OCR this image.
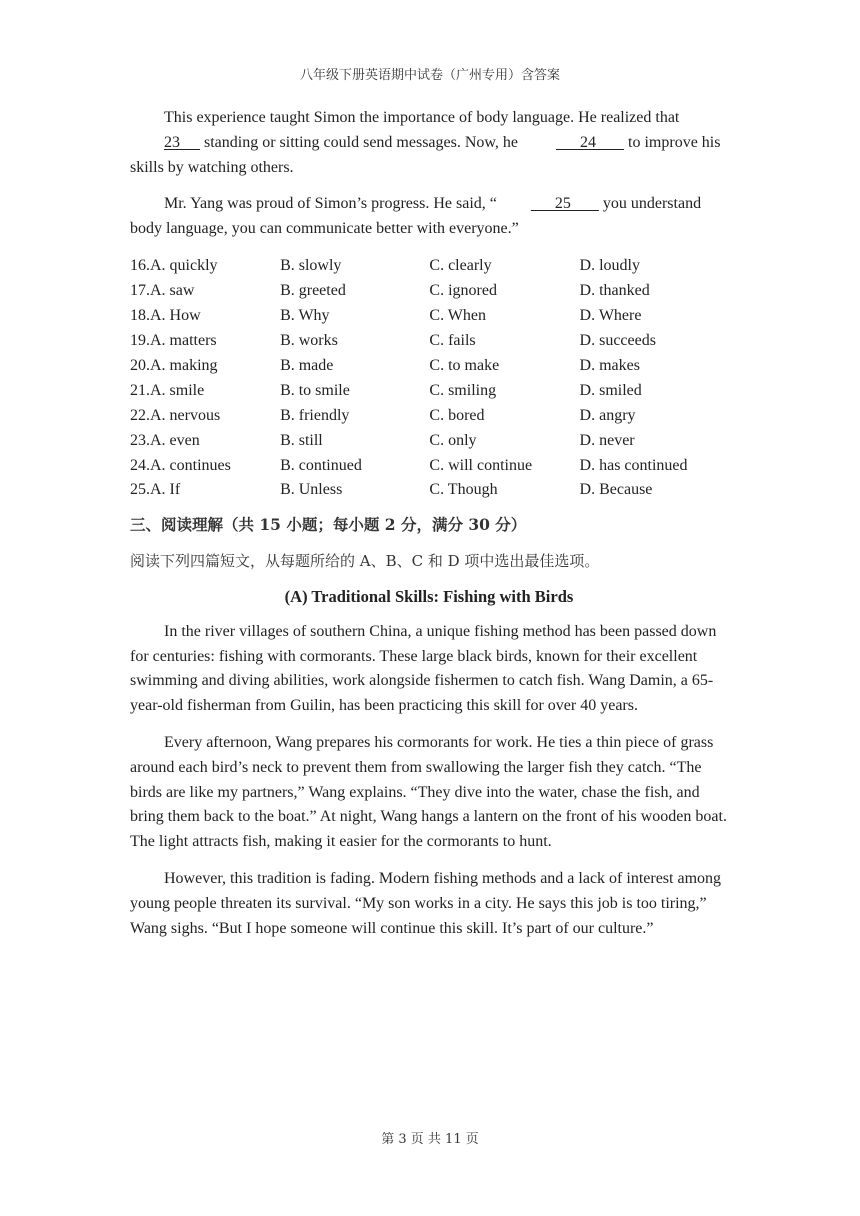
八年级下册英语期中试卷（广州专用）含答案

This experience taught Simon the importance of body language. He realized that 23      standing or sitting could send messages. Now, he       24        to improve his skills by watching others.

Mr. Yang was proud of Simon’s progress. He said, “      25        you understand body language, you can communicate better with everyone.”

16.A. quickly	B. slowly	C. clearly	D. loudly
17.A. saw	B. greeted	C. ignored	D. thanked
18.A. How	B. Why	C. When	D. Where
19.A. matters	B. works	C. fails	D. succeeds
20.A. making	B. made	C. to make	D. makes
21.A. smile	B. to smile	C. smiling	D. smiled
22.A. nervous	B. friendly	C. bored	D. angry
23.A. even	B. still	C. only	D. never
24.A. continues	B. continued	C. will continue	D. has continued
25.A. If	B. Unless	C. Though	D. Because
三、阅读理解（共 15 小题；每小题 2 分，满分 30 分）
阅读下列四篇短文，从每题所给的 A、B、C 和 D 项中选出最佳选项。
(A) Traditional Skills: Fishing with Birds

In the river villages of southern China, a unique fishing method has been passed down for centuries: fishing with cormorants. These large black birds, known for their excellent swimming and diving abilities, work alongside fishermen to catch fish. Wang Damin, a 65-year-old fisherman from Guilin, has been practicing this skill for over 40 years.

Every afternoon, Wang prepares his cormorants for work. He ties a thin piece of grass around each bird’s neck to prevent them from swallowing the larger fish they catch. “The birds are like my partners,” Wang explains. “They dive into the water, chase the fish, and bring them back to the boat.” At night, Wang hangs a lantern on the front of his wooden boat. The light attracts fish, making it easier for the cormorants to hunt.

However, this tradition is fading. Modern fishing methods and a lack of interest among young people threaten its survival. “My son works in a city. He says this job is too tiring,” Wang sighs. “But I hope someone will continue this skill. It’s part of our culture.”

第 3 页 共 11 页
